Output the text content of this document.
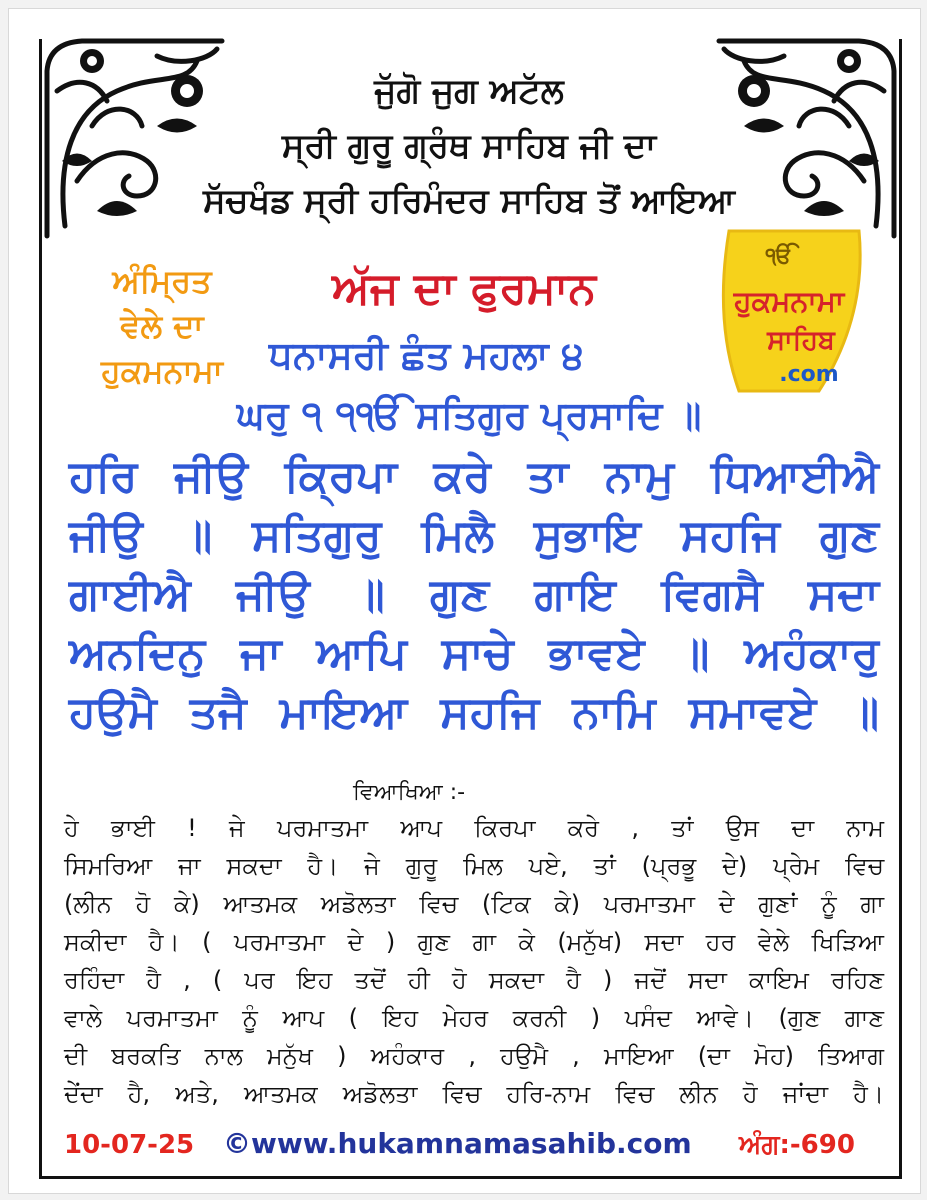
ਜੁੱਗੋ ਜੁਗ ਅਟੱਲ
ਸ੍ਰੀ ਗੁਰੂ ਗ੍ਰੰਥ ਸਾਹਿਬ ਜੀ ਦਾ
ਸੱਚਖੰਡ ਸ੍ਰੀ ਹਰਿਮੰਦਰ ਸਾਹਿਬ ਤੋਂ ਆਇਆ
ਅੰਮ੍ਰਿਤ
ਵੇਲੇ ਦਾ
ਹੁਕਮਨਾਮਾ
ਅੱਜ ਦਾ ਫੁਰਮਾਨ
ੴ
ਹੁਕਮਨਾਮਾ
ਸਾਹਿਬ
.com
ਧਨਾਸਰੀ ਛੰਤ ਮਹਲਾ ੪
ਘਰੁ ੧ ੧ੴ ਸਤਿਗੁਰ ਪ੍ਰਸਾਦਿ ॥
ਹਰਿ ਜੀਉ ਕ੍ਰਿਪਾ ਕਰੇ ਤਾ ਨਾਮੁ ਧਿਆਈਐ
ਜੀਉ ॥ ਸਤਿਗੁਰੁ ਮਿਲੈ ਸੁਭਾਇ ਸਹਜਿ ਗੁਣ
ਗਾਈਐ ਜੀਉ ॥ ਗੁਣ ਗਾਇ ਵਿਗਸੈ ਸਦਾ
ਅਨਦਿਨੁ ਜਾ ਆਪਿ ਸਾਚੇ ਭਾਵਏ ॥ ਅਹੰਕਾਰੁ
ਹਉਮੈ ਤਜੈ ਮਾਇਆ ਸਹਜਿ ਨਾਮਿ ਸਮਾਵਏ ॥
ਵਿਆਖਿਆ :-
ਹੇ ਭਾਈ ! ਜੇ ਪਰਮਾਤਮਾ ਆਪ ਕਿਰਪਾ ਕਰੇ , ਤਾਂ ਉਸ ਦਾ ਨਾਮ
ਸਿਮਰਿਆ ਜਾ ਸਕਦਾ ਹੈ। ਜੇ ਗੁਰੂ ਮਿਲ ਪਏ, ਤਾਂ (ਪ੍ਰਭੂ ਦੇ) ਪ੍ਰੇਮ ਵਿਚ
(ਲੀਨ ਹੋ ਕੇ) ਆਤਮਕ ਅਡੋਲਤਾ ਵਿਚ (ਟਿਕ ਕੇ) ਪਰਮਾਤਮਾ ਦੇ ਗੁਣਾਂ ਨੂੰ ਗਾ
ਸਕੀਦਾ ਹੈ। ( ਪਰਮਾਤਮਾ ਦੇ ) ਗੁਣ ਗਾ ਕੇ (ਮਨੁੱਖ) ਸਦਾ ਹਰ ਵੇਲੇ ਖਿੜਿਆ
ਰਹਿੰਦਾ ਹੈ , ( ਪਰ ਇਹ ਤਦੋਂ ਹੀ ਹੋ ਸਕਦਾ ਹੈ ) ਜਦੋਂ ਸਦਾ ਕਾਇਮ ਰਹਿਣ
ਵਾਲੇ ਪਰਮਾਤਮਾ ਨੂੰ ਆਪ ( ਇਹ ਮੇਹਰ ਕਰਨੀ ) ਪਸੰਦ ਆਵੇ। (ਗੁਣ ਗਾਣ
ਦੀ ਬਰਕਤਿ ਨਾਲ ਮਨੁੱਖ ) ਅਹੰਕਾਰ , ਹਉਮੈ , ਮਾਇਆ (ਦਾ ਮੋਹ) ਤਿਆਗ
ਦੇਂਦਾ ਹੈ, ਅਤੇ, ਆਤਮਕ ਅਡੋਲਤਾ ਵਿਚ ਹਰਿ-ਨਾਮ ਵਿਚ ਲੀਨ ਹੋ ਜਾਂਦਾ ਹੈ।
10-07-25 ©www.hukamnamasahib.com ਅੰਗ:-690
